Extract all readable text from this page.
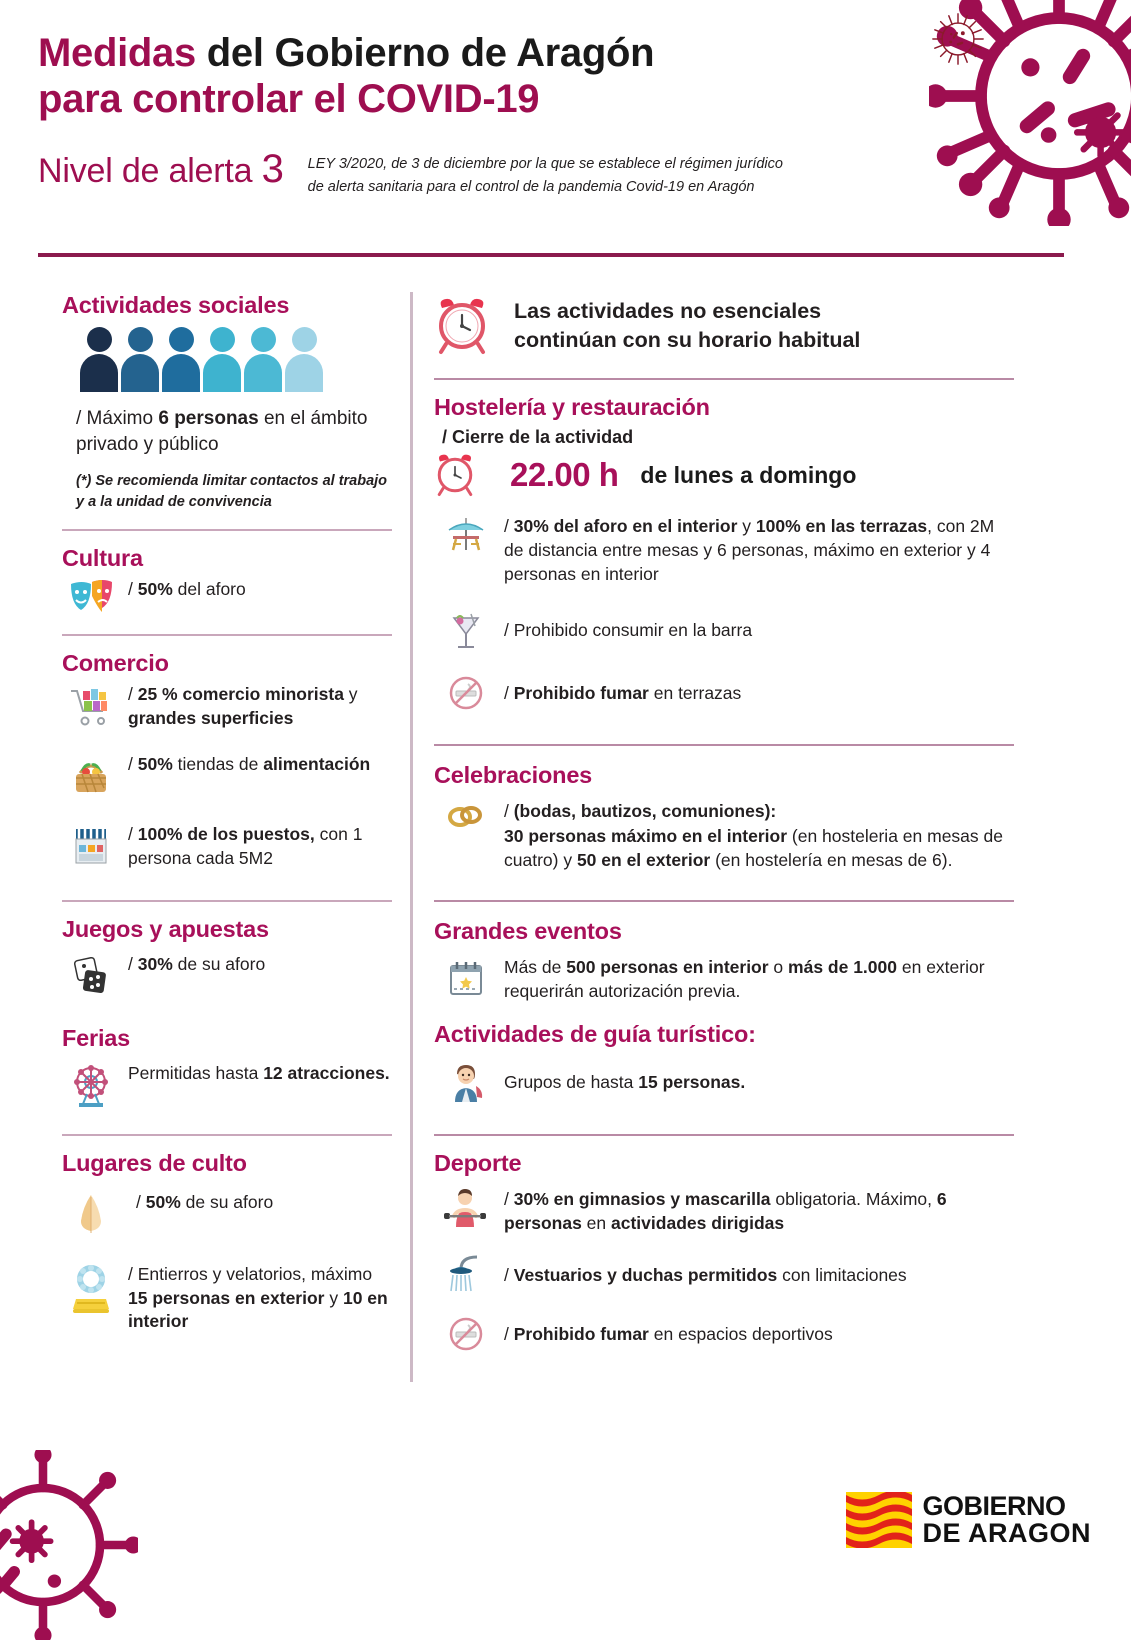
Medidas del Gobierno de Aragón
para controlar el COVID-19
Nivel de alerta 3 LEY 3/2020, de 3 de diciembre por la que se establece el régimen jurídico
de alerta sanitaria para el control de la pandemia Covid-19 en Aragón
Actividades sociales
/ Máximo 6 personas en el ámbito privado y público
(*) Se recomienda limitar contactos al trabajo y a la unidad de convivencia
Cultura
/ 50% del aforo
Comercio
/ 25 % comercio minorista y grandes superficies
/ 50% tiendas de alimentación
/ 100% de los puestos, con 1 persona cada 5M2
Juegos y apuestas
/ 30% de su aforo
Ferias
Permitidas hasta 12 atracciones.
Lugares de culto
/ 50% de su aforo
/ Entierros y velatorios, máximo 15 personas en exterior y 10 en interior
Las actividades no esenciales
continúan con su horario habitual
Hostelería y restauración
/ Cierre de la actividad
22.00 h de lunes a domingo
/ 30% del aforo en el interior y 100% en las terrazas, con 2M de distancia entre mesas y 6 personas, máximo en exterior y 4 personas en interior
/ Prohibido consumir en la barra
/ Prohibido fumar en terrazas
Celebraciones
/ (bodas, bautizos, comuniones):
30 personas máximo en el interior (en hosteleria en mesas de cuatro) y 50 en el exterior (en hostelería en mesas de 6).
Grandes eventos
Más de 500 personas en interior o más de 1.000 en exterior requerirán autorización previa.
Actividades de guía turístico:
Grupos de hasta 15 personas.
Deporte
/ 30% en gimnasios y mascarilla obligatoria. Máximo, 6 personas en actividades dirigidas
/ Vestuarios y duchas permitidos con limitaciones
/ Prohibido fumar en espacios deportivos
GOBIERNO
DE ARAGON
